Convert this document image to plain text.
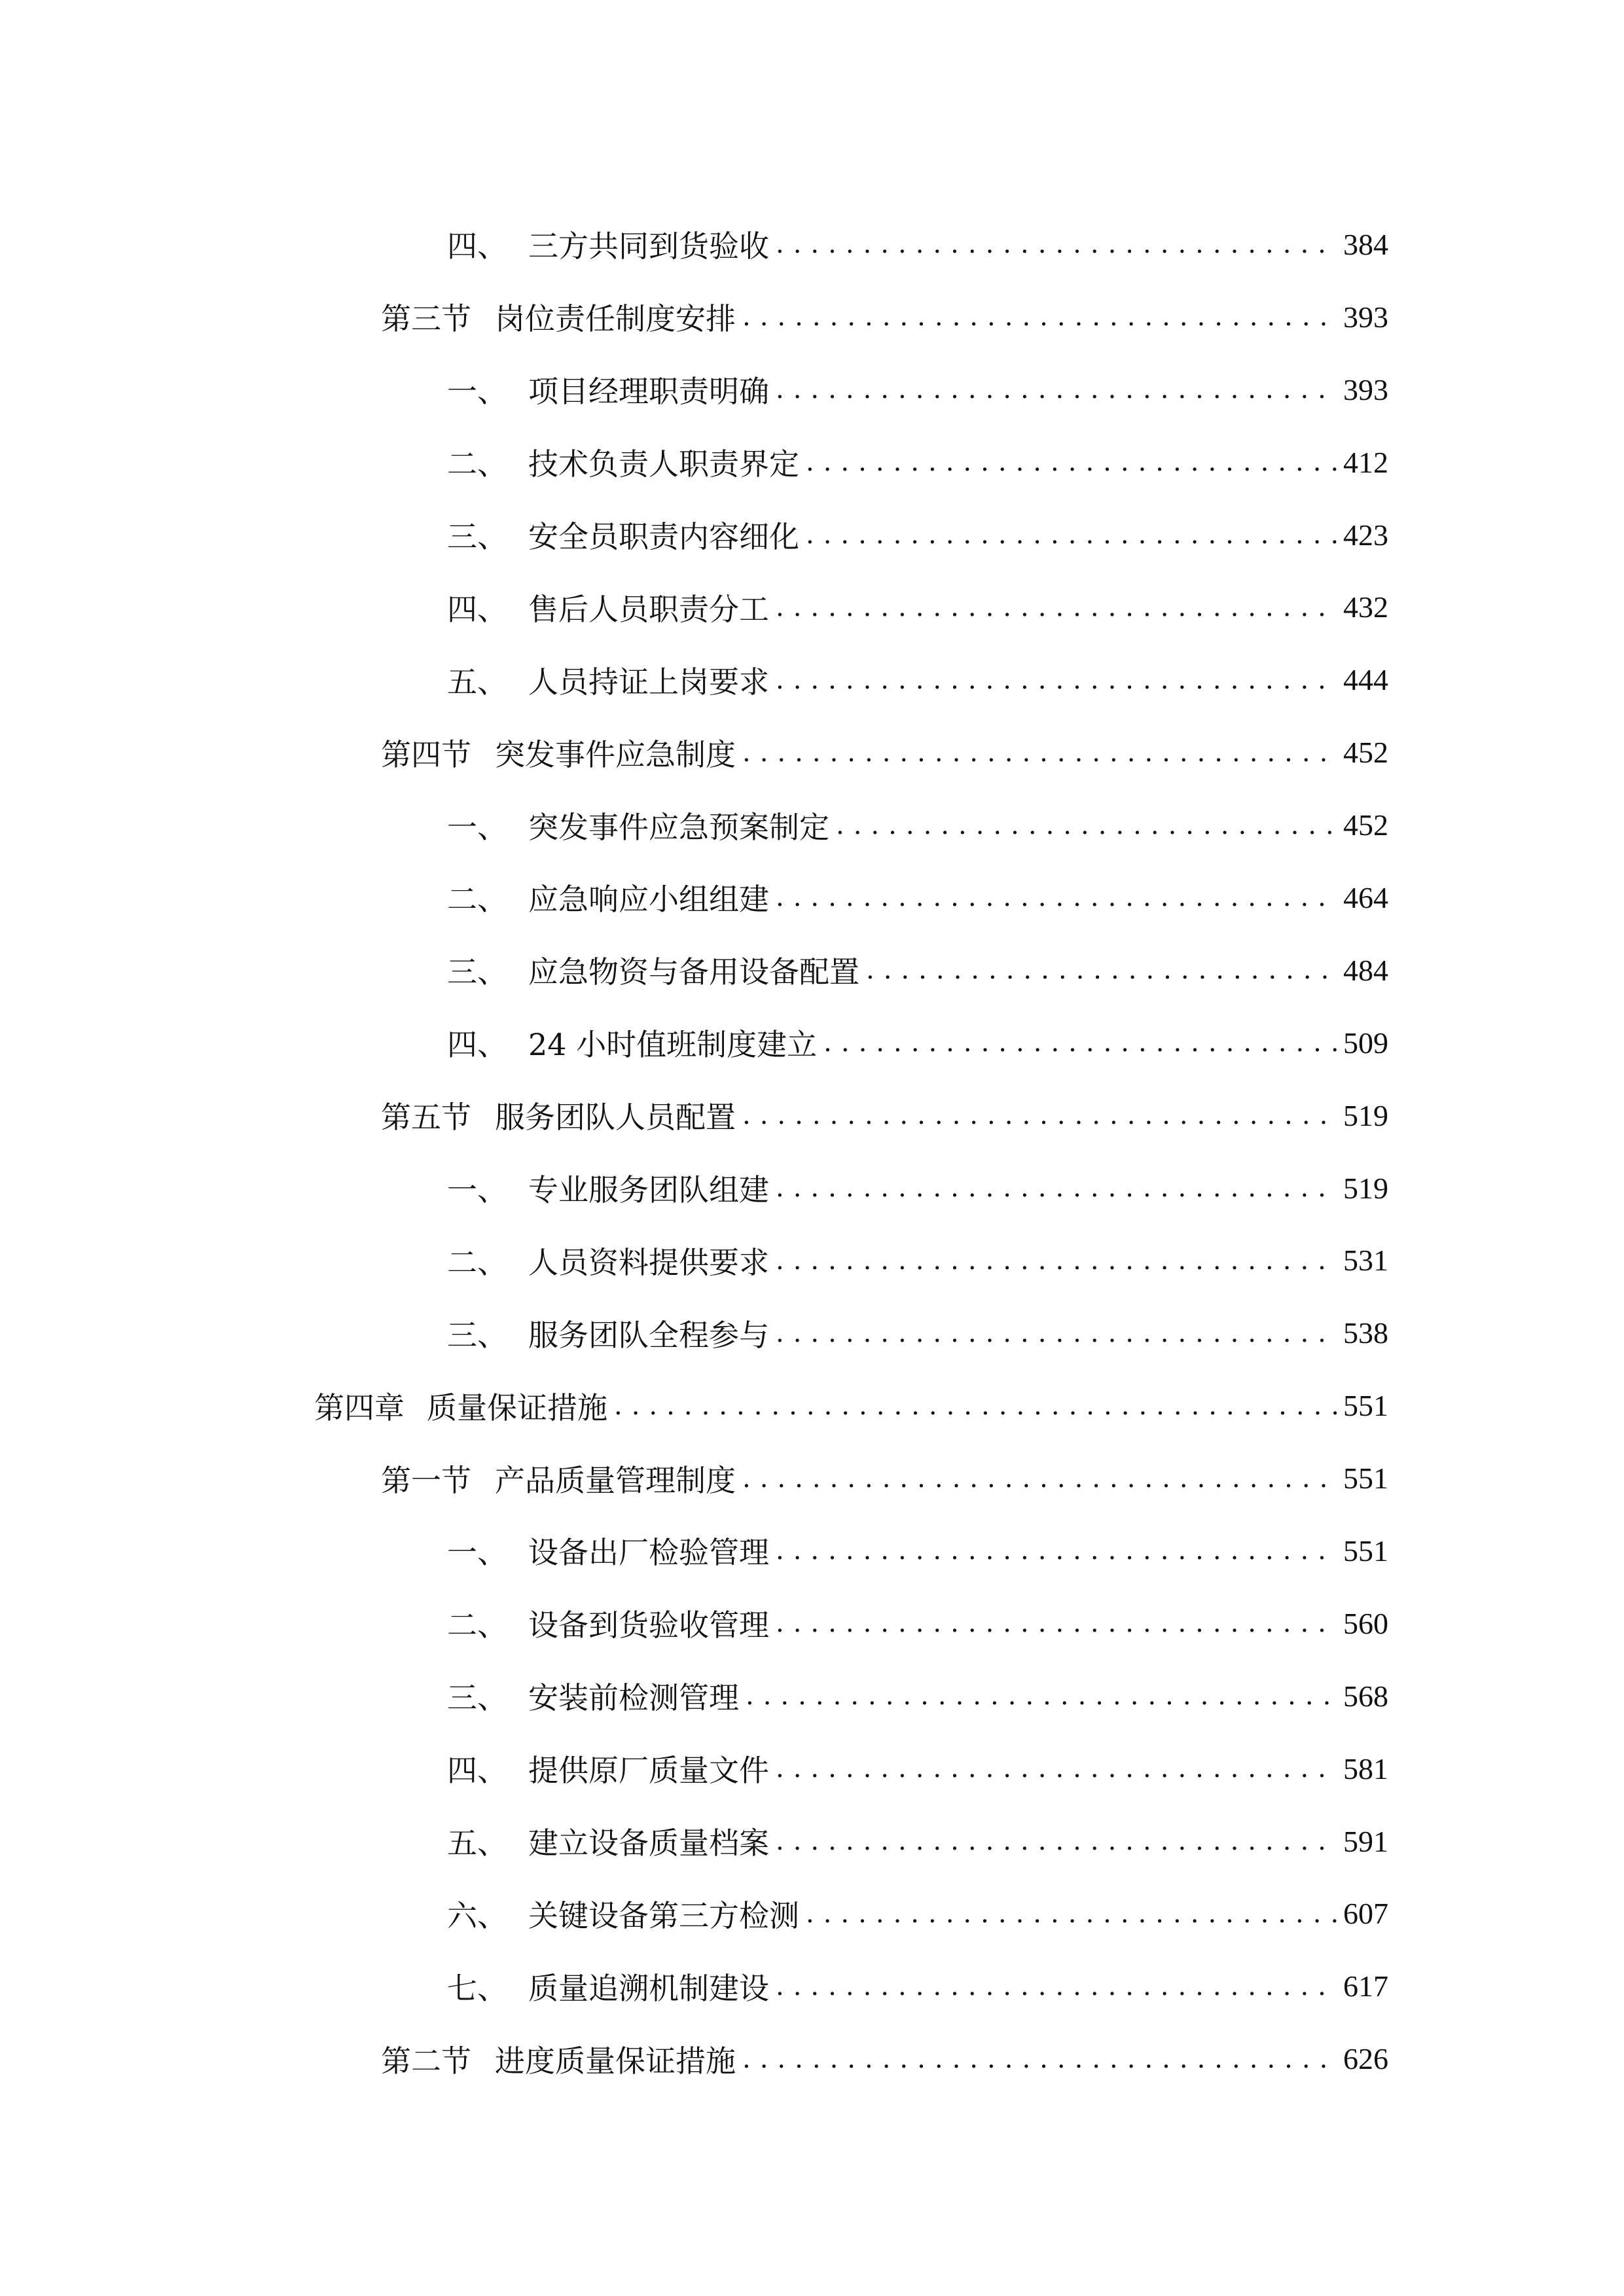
四、 三方共同到货验收 .....	384
第三节 岗位责任制度安排 .....	393
一、 项目经理职责明确 .....	393
二、 技术负责人职责界定 .....	412
三、 安全员职责内容细化 .....	423
四、 售后人员职责分工 .....	432
五、 人员持证上岗要求 .....	444
第四节 突发事件应急制度 .....	452
一、 突发事件应急预案制定 .....	452
二、 应急响应小组组建 .....	464
三、 应急物资与备用设备配置 .....	484
四、 24 小时值班制度建立 .....	509
第五节 服务团队人员配置 .....	519
一、 专业服务团队组建 .....	519
二、 人员资料提供要求 .....	531
三、 服务团队全程参与 .....	538
第四章 质量保证措施 .....	551
第一节 产品质量管理制度 .....	551
一、 设备出厂检验管理 .....	551
二、 设备到货验收管理 .....	560
三、 安装前检测管理 .....	568
四、 提供原厂质量文件 .....	581
五、 建立设备质量档案 .....	591
六、 关键设备第三方检测 .....	607
七、 质量追溯机制建设 .....	617
第二节 进度质量保证措施 .....	626
